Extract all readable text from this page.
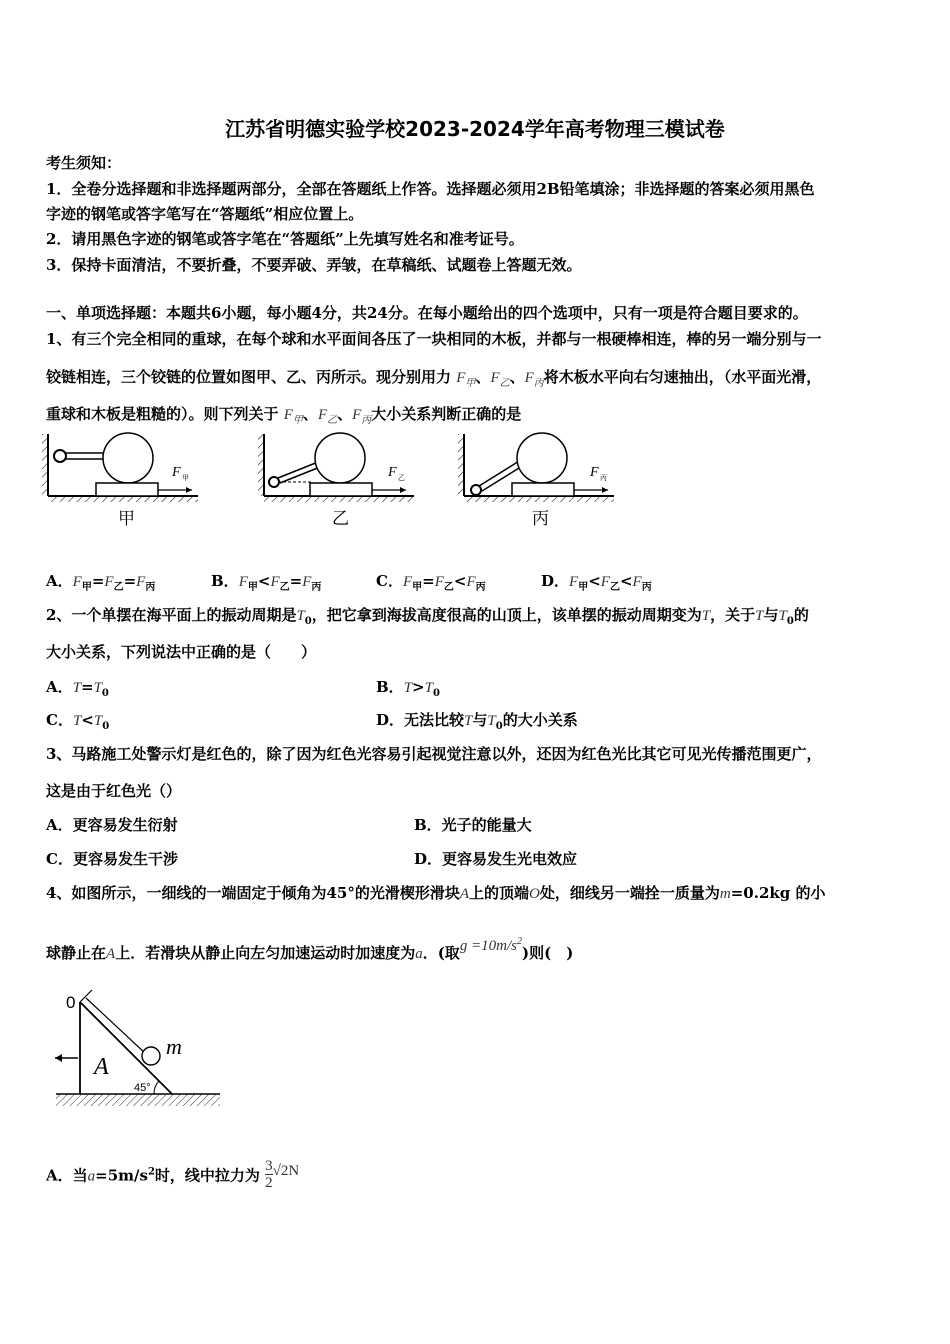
江苏省明德实验学校2023-2024学年高考物理三模试卷
考生须知：
1．全卷分选择题和非选择题两部分，全部在答题纸上作答。选择题必须用2B铅笔填涂；非选择题的答案必须用黑色
字迹的钢笔或答字笔写在“答题纸”相应位置上。
2．请用黑色字迹的钢笔或答字笔在“答题纸”上先填写姓名和准考证号。
3．保持卡面清洁，不要折叠，不要弄破、弄皱，在草稿纸、试题卷上答题无效。
一、单项选择题：本题共6小题，每小题4分，共24分。在每小题给出的四个选项中，只有一项是符合题目要求的。
1、有三个完全相同的重球，在每个球和水平面间各压了一块相同的木板，并都与一根硬棒相连，棒的另一端分别与一
铰链相连，三个铰链的位置如图甲、乙、丙所示。现分别用力 $F_甲$、$F_乙$、$F_丙$将木板水平向右匀速抽出，（水平面光滑，
重球和木板是粗糙的）。则下列关于 $F_甲$、$F_乙$、$F_丙$大小关系判断正确的是
F 甲
甲
F 乙
乙
F 丙
丙
A．$F_甲=F_乙=F_丙$	B．$F_甲<F_乙=F_丙$	C．$F_甲=F_乙<F_丙$	D．$F_甲<F_乙<F_丙$
2、一个单摆在海平面上的振动周期是$T_0$，把它拿到海拔高度很高的山顶上，该单摆的振动周期变为T，关于T与$T_0$的
大小关系，下列说法中正确的是（　　）
A．$T=T_0$	B．$T>T_0$
C．$T<T_0$	D．无法比较T与$T_0$的大小关系
3、马路施工处警示灯是红色的，除了因为红色光容易引起视觉注意以外，还因为红色光比其它可见光传播范围更广，
这是由于红色光（）
A．更容易发生衍射	B．光子的能量大
C．更容易发生干涉	D．更容易发生光电效应
4、如图所示，一细线的一端固定于倾角为45°的光滑楔形滑块A上的顶端O处，细线另一端拴一质量为m=0.2kg 的小
球静止在A上．若滑块从静止向左匀加速运动时加速度为a．(取$g =10m/s^2$)则(　)
0
A
m
45°
A．当$a=5m/s^2$时，线中拉力为 $\frac{3}{2} √2N$
